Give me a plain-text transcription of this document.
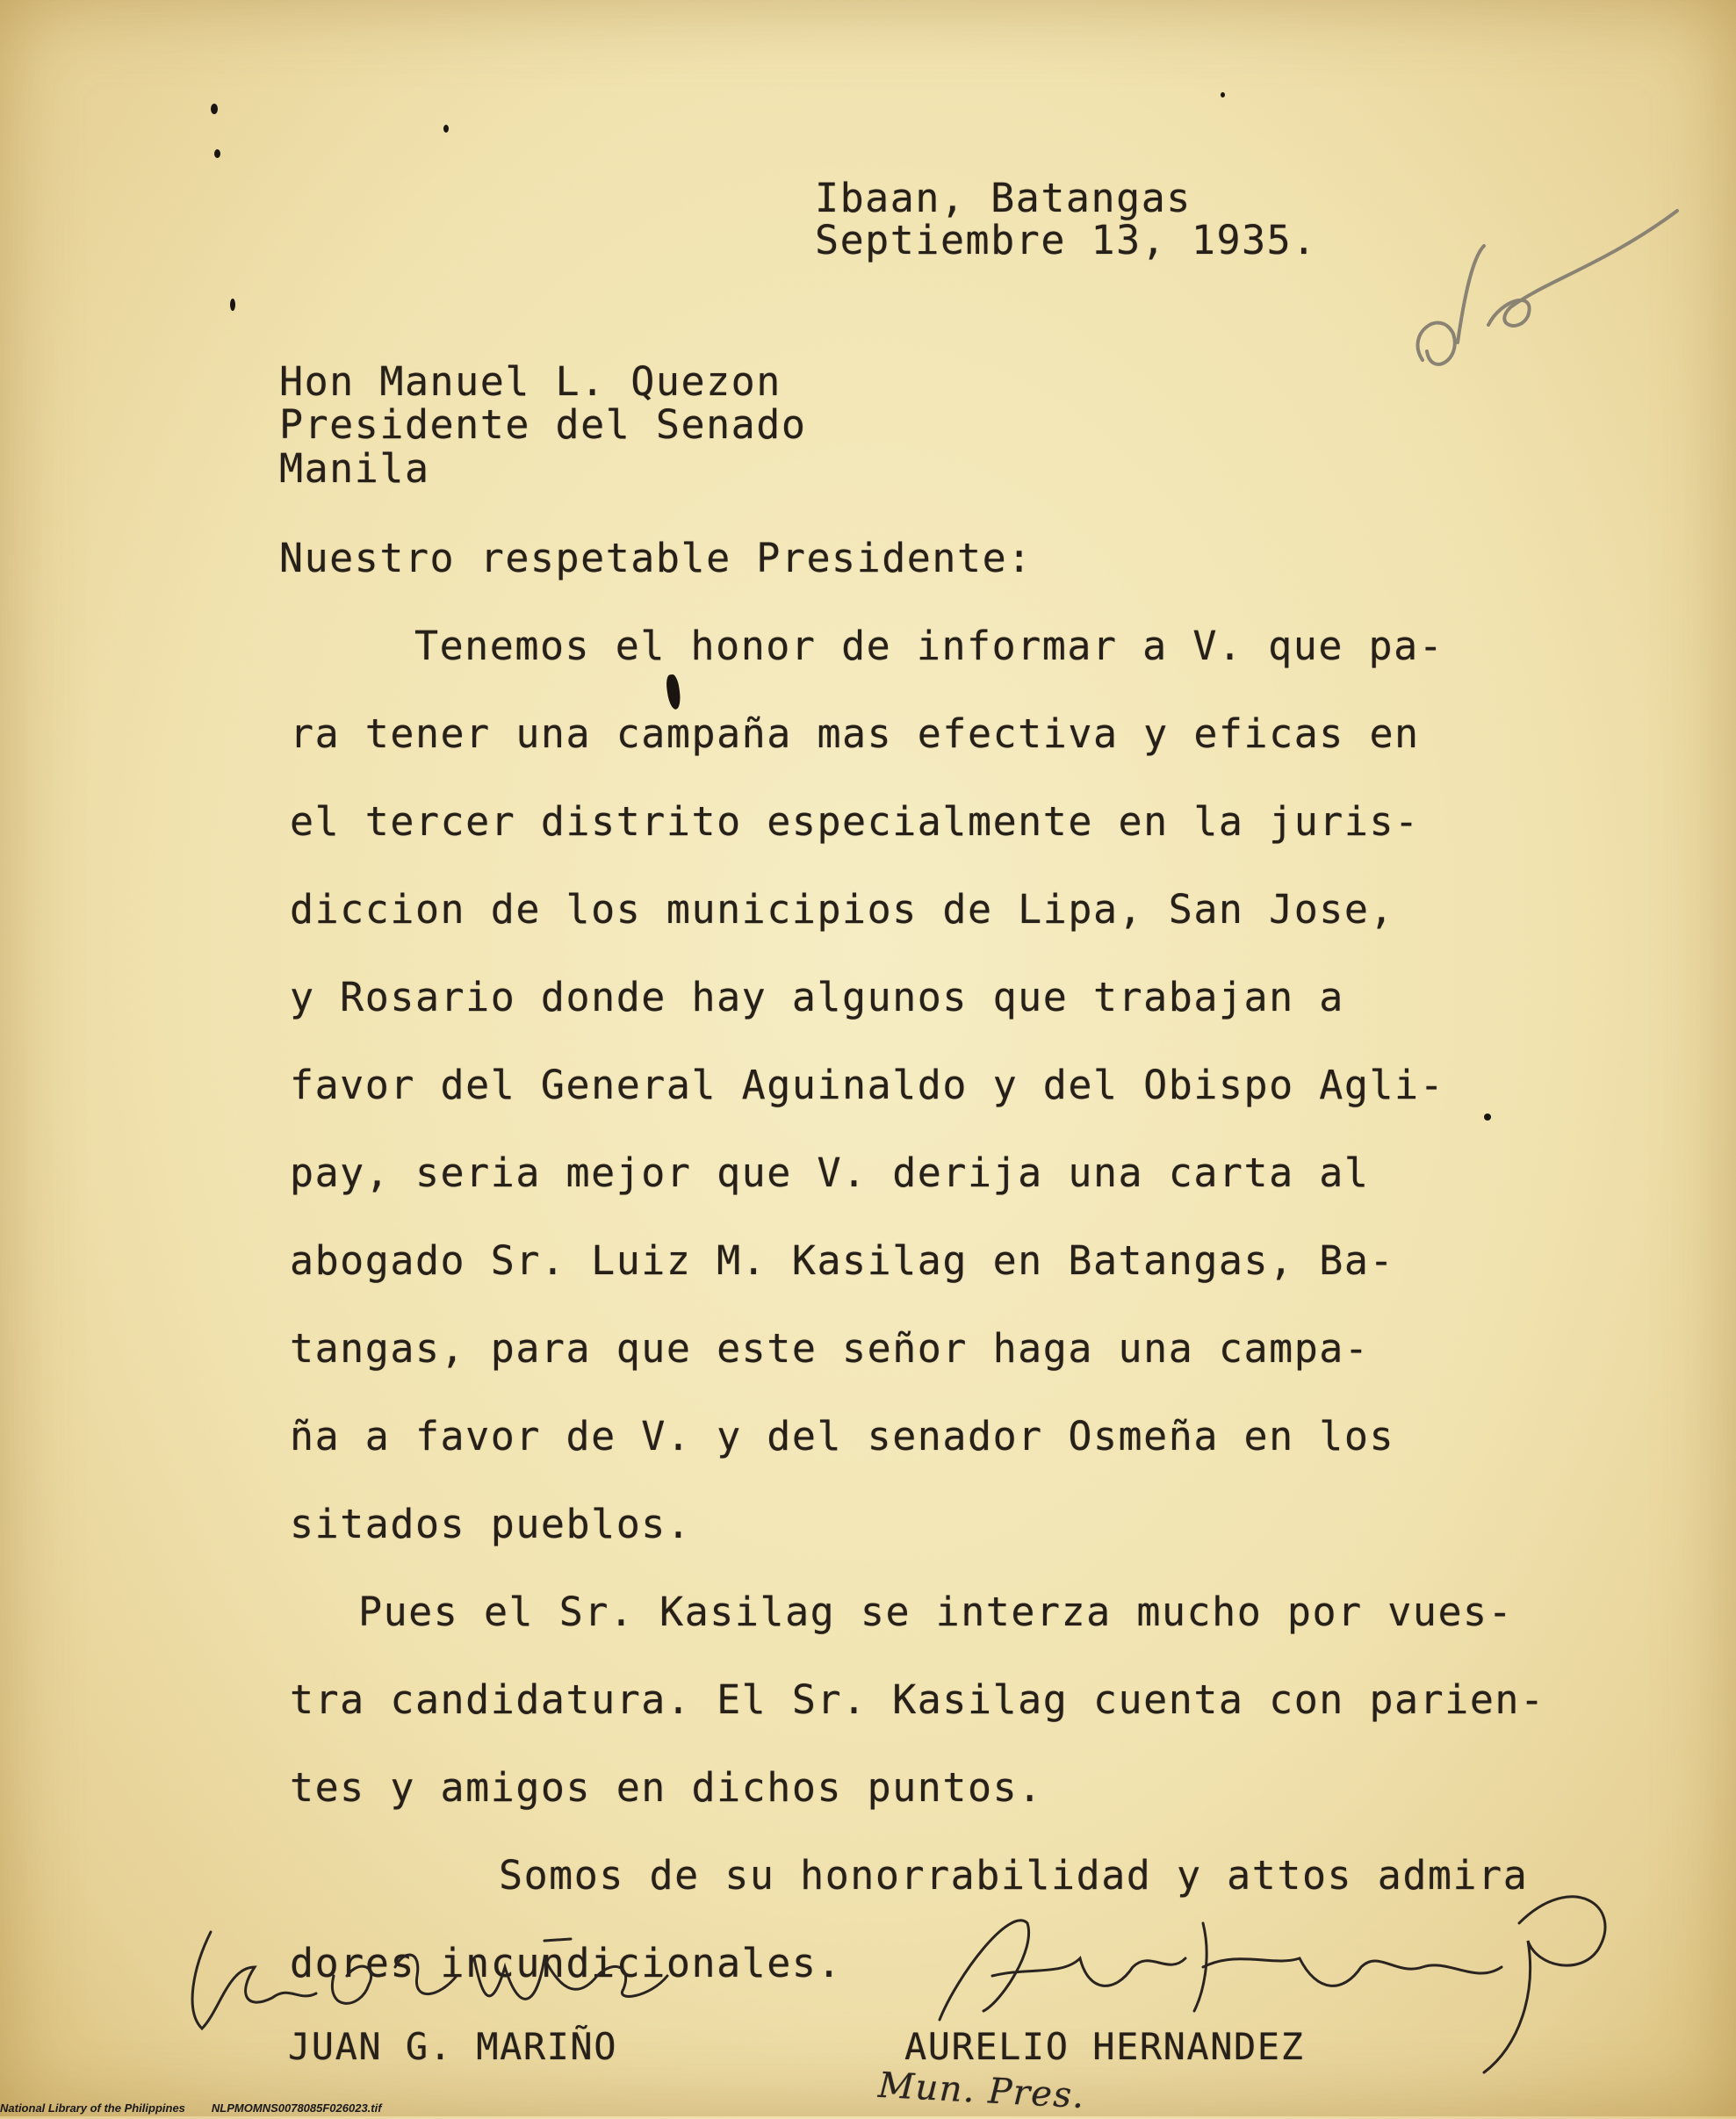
Ibaan, Batangas
Septiembre 13, 1935.
Hon Manuel L. Quezon
Presidente del Senado
Manila
Nuestro respetable Presidente:
Tenemos el honor de informar a V. que pa-
ra tener una campaña mas efectiva y eficas en
el tercer distrito especialmente en la juris-
diccion de los municipios de Lipa, San Jose,
y Rosario donde hay algunos que trabajan a
favor del General Aguinaldo y del Obispo Agli-
pay, seria mejor que V. derija una carta al
abogado Sr. Luiz M. Kasilag en Batangas, Ba-
tangas, para que este señor haga una campa-
ña a favor de V. y del senador Osmeña en los
sitados pueblos.
Pues el Sr. Kasilag se interza mucho por vues-
tra candidatura. El Sr. Kasilag cuenta con parien-
tes y amigos en dichos puntos.
Somos de su honorrabilidad y attos admira
dores incundicionales.
JUAN G. MARIÑO	AURELIO HERNANDEZ
Mun. Pres.
National Library of the Philippines NLPMOMNS0078085F026023.tif
